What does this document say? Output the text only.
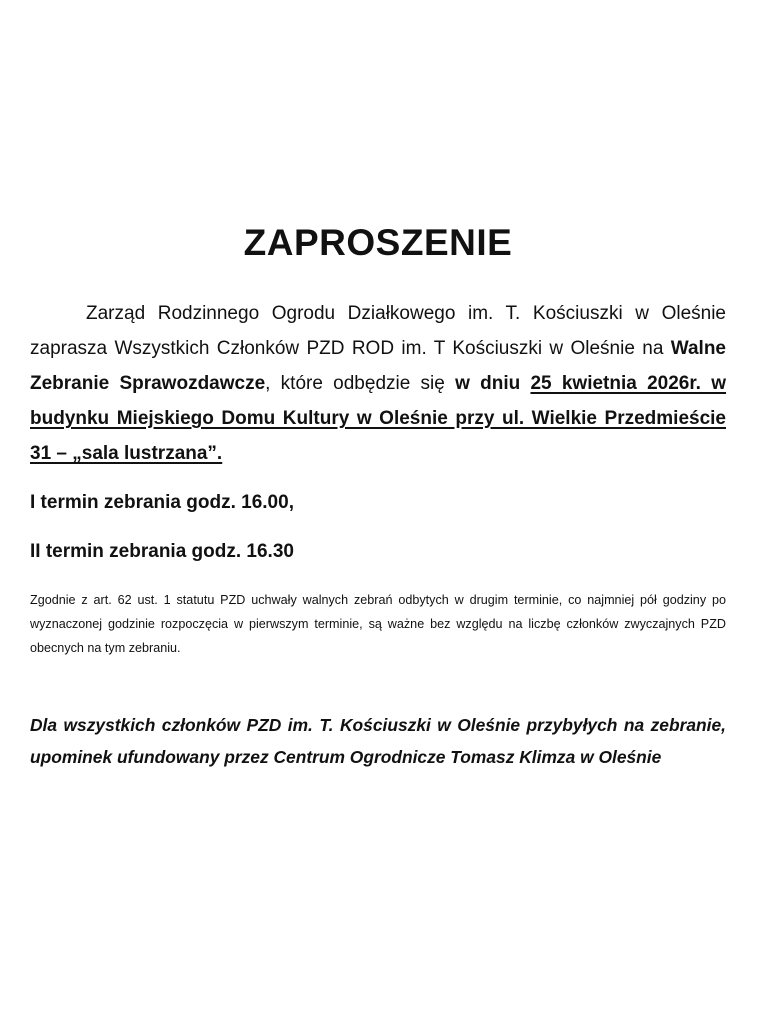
ZAPROSZENIE

Zarząd Rodzinnego Ogrodu Działkowego im. T. Kościuszki w Oleśnie zaprasza Wszystkich Członków PZD ROD im. T Kościuszki w Oleśnie na Walne Zebranie Sprawozdawcze, które odbędzie się w dniu 25 kwietnia 2026r. w budynku Miejskiego Domu Kultury w Oleśnie przy ul. Wielkie Przedmieście 31 – „sala lustrzana”.

I termin zebrania godz. 16.00,

II termin zebrania godz. 16.30

Zgodnie z art. 62 ust. 1 statutu PZD uchwały walnych zebrań odbytych w drugim terminie, co najmniej pół godziny po wyznaczonej godzinie rozpoczęcia w pierwszym terminie, są ważne bez względu na liczbę członków zwyczajnych PZD obecnych na tym zebraniu.

Dla wszystkich członków PZD im. T. Kościuszki w Oleśnie przybyłych na zebranie, upominek ufundowany przez Centrum Ogrodnicze Tomasz Klimza w Oleśnie
